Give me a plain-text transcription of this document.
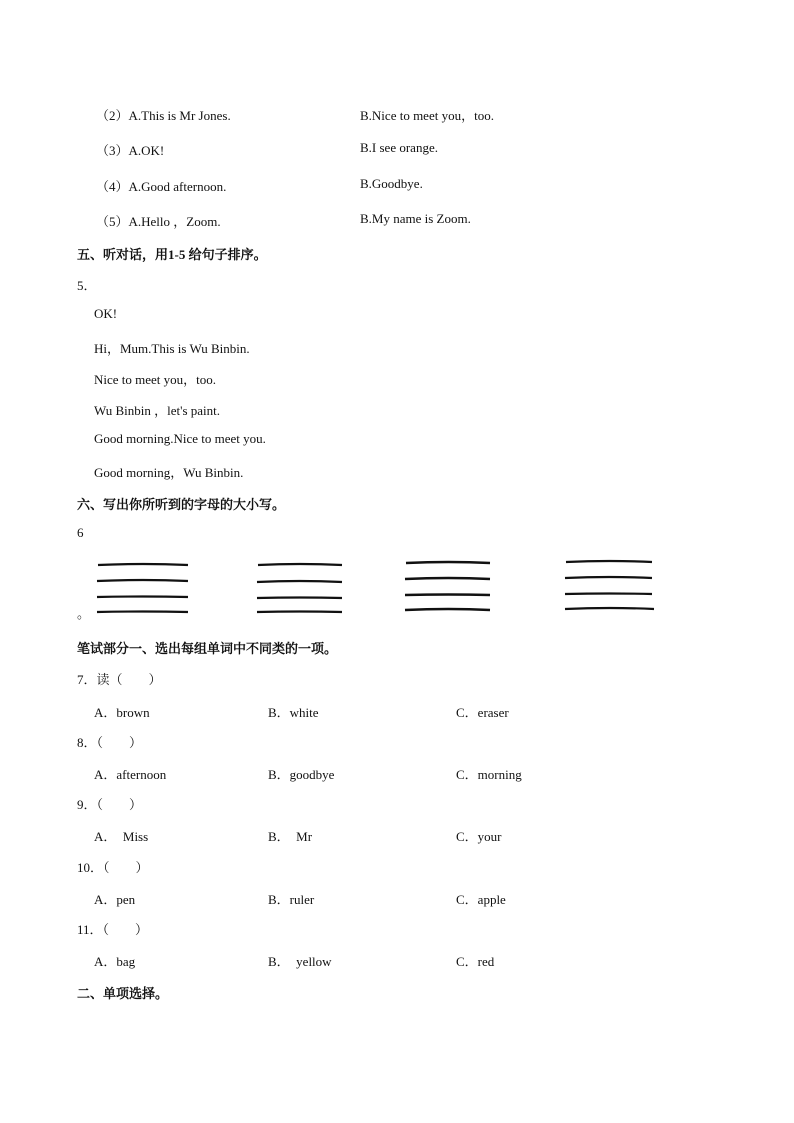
（2）A.This is Mr Jones.	B.Nice to meet you，too.
（3）A.OK!	B.I see orange.
（4）A.Good afternoon.	B.Goodbye.
（5）A.Hello ，Zoom.	B.My name is Zoom.
五、听对话，用1-5 给句子排序。
5．
OK!
Hi，Mum.This is Wu Binbin.
Nice to meet you，too.
Wu Binbin ，let's paint.
Good morning.Nice to meet you.
Good morning，Wu Binbin.
六、写出你所听到的字母的大小写。
6
。
笔试部分一、选出每组单词中不同类的一项。
7．读（　　）
A．brown	B．white	C．eraser
8．（　　）
A．afternoon	B．goodbye	C．morning
9．（　　）
A．  Miss	B．  Mr	C．your
10．（　　）
A．pen	B．ruler	C．apple
11．（　　）
A．bag	B．  yellow	C．red
二、单项选择。
